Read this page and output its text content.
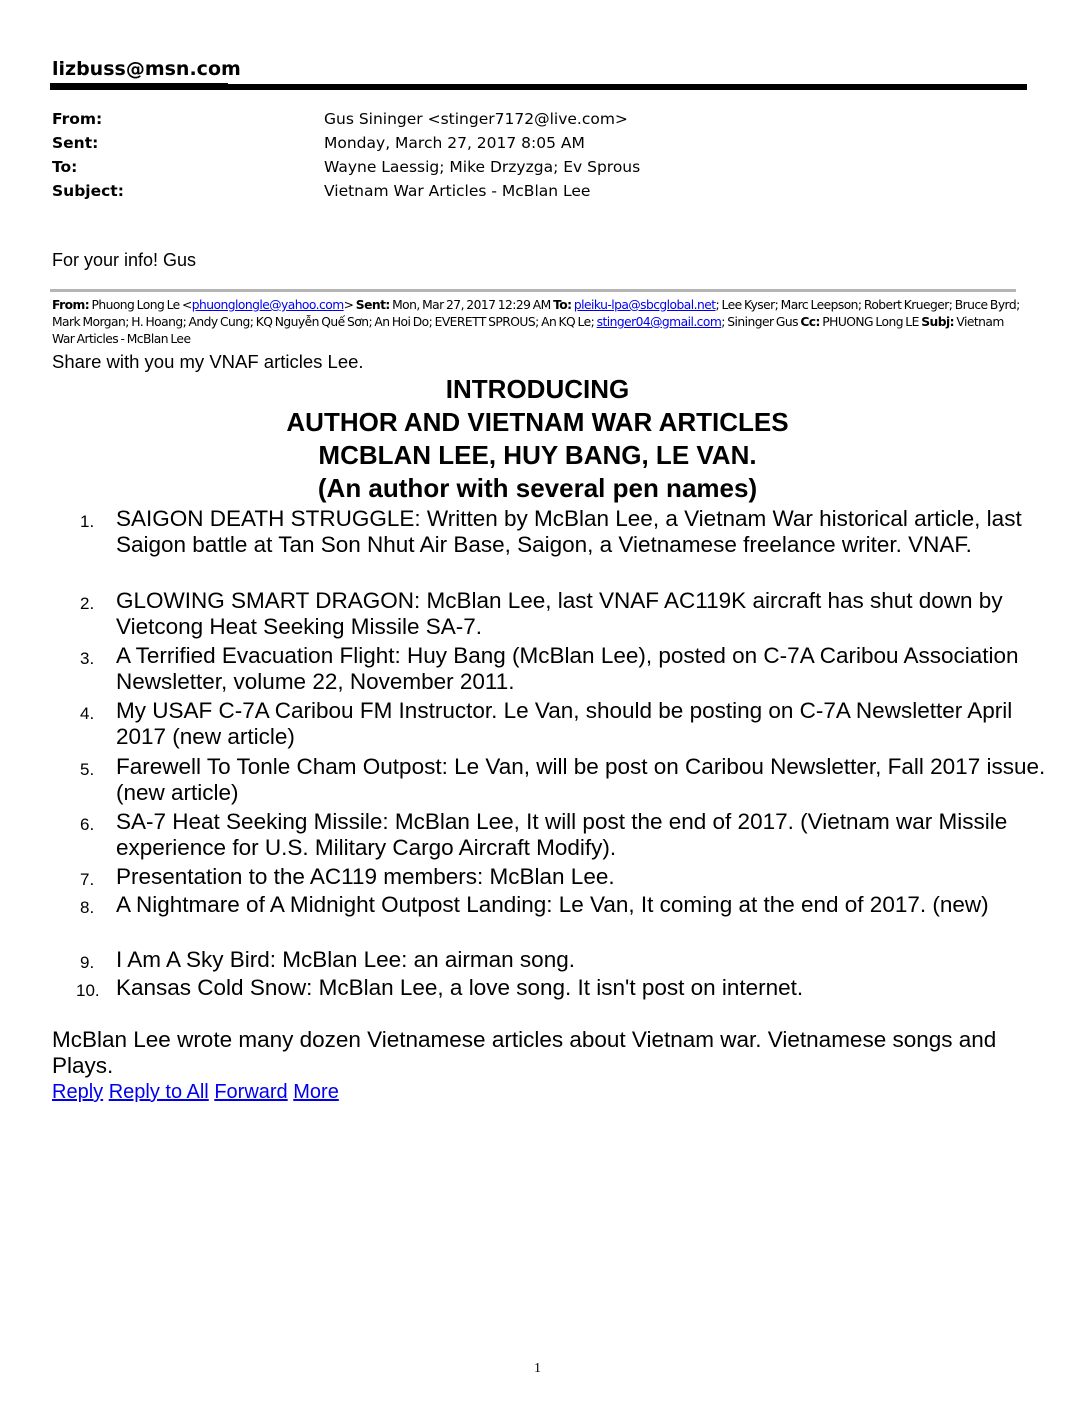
lizbuss@msn.com
From:	Gus Sininger <stinger7172@live.com>
Sent:	Monday, March 27, 2017 8:05 AM
To:	Wayne Laessig; Mike Drzyzga; Ev Sprous
Subject:	Vietnam War Articles - McBlan Lee
For your info! Gus
From: Phuong Long Le <phuonglongle@yahoo.com> Sent: Mon, Mar 27, 2017 12:29 AM To: pleiku-lpa@sbcglobal.net; Lee Kyser; Marc Leepson; Robert Krueger; Bruce Byrd; Mark Morgan; H. Hoang; Andy Cung; KQ Nguyễn Quế Sơn; An Hoi Do; EVERETT SPROUS; An KQ Le; stinger04@gmail.com; Sininger Gus Cc: PHUONG Long LE Subj: Vietnam War Articles - McBlan Lee
Share with you my VNAF articles Lee.
INTRODUCING
AUTHOR AND VIETNAM WAR ARTICLES
MCBLAN LEE, HUY BANG, LE VAN.
(An author with several pen names)
1. SAIGON DEATH STRUGGLE: Written by McBlan Lee, a Vietnam War historical article, last Saigon battle at Tan Son Nhut Air Base, Saigon, a Vietnamese freelance writer. VNAF.
2. GLOWING SMART DRAGON: McBlan Lee, last VNAF AC119K aircraft has shut down by Vietcong Heat Seeking Missile SA-7.
3. A Terrified Evacuation Flight: Huy Bang (McBlan Lee), posted on C-7A Caribou Association Newsletter, volume 22, November 2011.
4. My USAF C-7A Caribou FM Instructor. Le Van, should be posting on C-7A Newsletter April 2017 (new article)
5. Farewell To Tonle Cham Outpost: Le Van, will be post on Caribou Newsletter, Fall 2017 issue. (new article)
6. SA-7 Heat Seeking Missile: McBlan Lee, It will post the end of 2017. (Vietnam war Missile experience for U.S. Military Cargo Aircraft Modify).
7. Presentation to the AC119 members: McBlan Lee.
8. A Nightmare of A Midnight Outpost Landing: Le Van, It coming at the end of 2017. (new)
9. I Am A Sky Bird: McBlan Lee: an airman song.
10. Kansas Cold Snow: McBlan Lee, a love song. It isn't post on internet.
McBlan Lee wrote many dozen Vietnamese articles about Vietnam war. Vietnamese songs and Plays.
Reply Reply to All Forward More
1
